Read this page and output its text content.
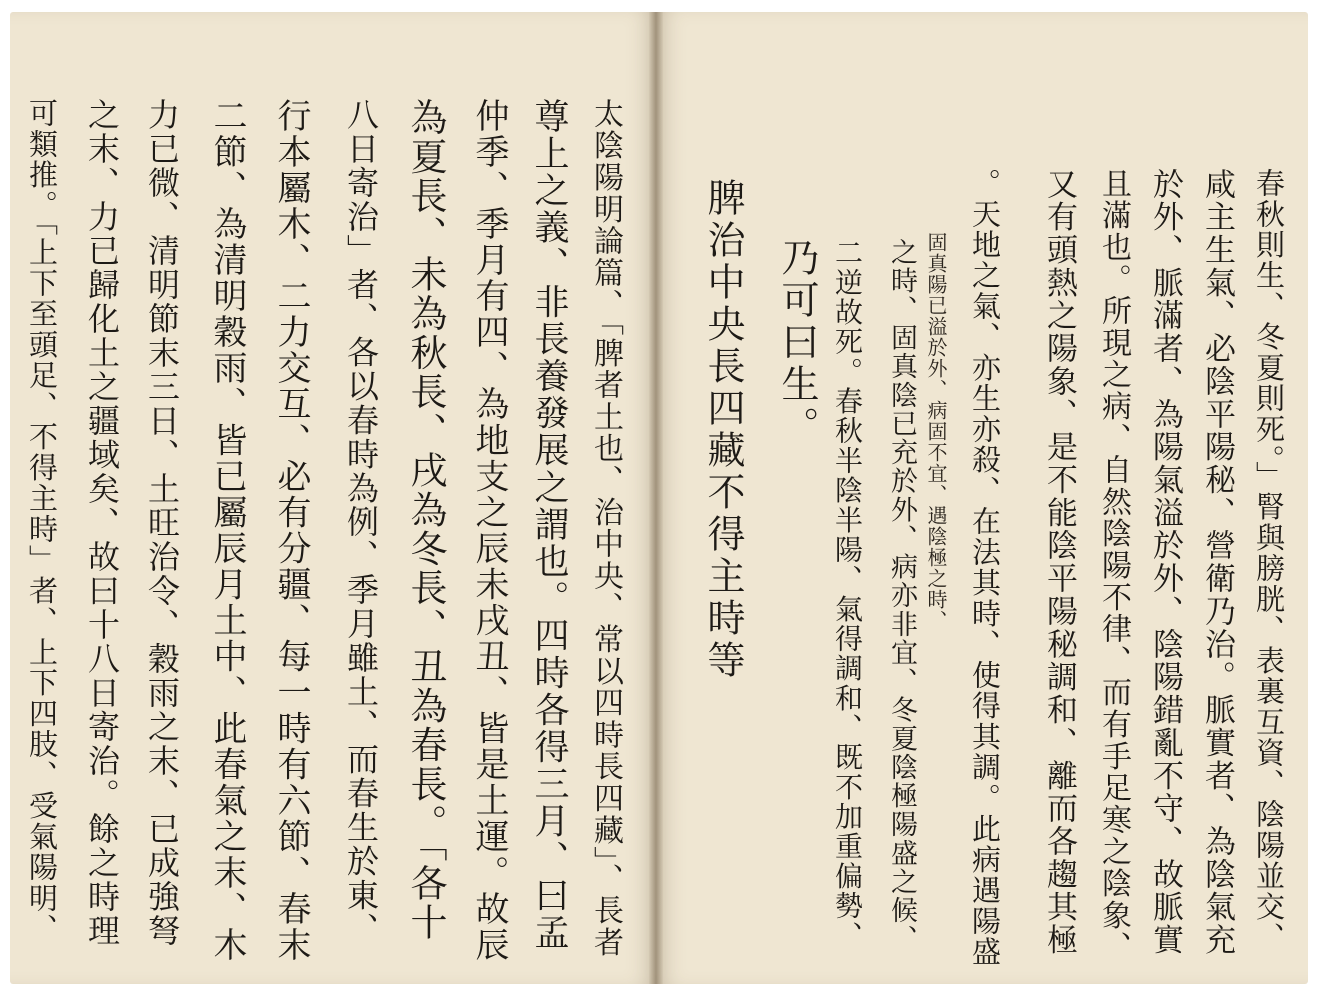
春秋則生、冬夏則死。」腎與膀胱、表裏互資、陰陽並交、
咸主生氣、必陰平陽秘、營衛乃治。脈實者、為陰氣充
於外、脈滿者、為陽氣溢於外、陰陽錯亂不守、故脈實
且滿也。所現之病、自然陰陽不律、而有手足寒之陰象、
又有頭熱之陽象、是不能陰平陽秘調和、離而各趨其極
。天地之氣、亦生亦殺、在法其時、使得其調。此病遇陽盛
固真陽已溢於外、病固不宜、遇陰極之時、
之時、固真陰已充於外、病亦非宜、冬夏陰極陽盛之候、
二逆故死。春秋半陰半陽、氣得調和、既不加重偏勢、
乃可曰生。
脾治中央長四藏不得主時等
太陰陽明論篇、「脾者土也、治中央、常以四時長四藏」、長者
尊上之義、非長養發展之謂也。四時各得三月、曰孟
仲季、季月有四、為地支之辰未戌丑、皆是土運。故辰
為夏長、未為秋長、戌為冬長、丑為春長。「各十
八日寄治」者、各以春時為例、季月雖土、而春生於東、
行本屬木、二力交互、必有分疆、每一時有六節、春末
二節、為清明穀雨、皆已屬辰月土中、此春氣之末、木
力已微、清明節末三日、土旺治令、穀雨之末、已成強弩
之末、力已歸化土之疆域矣、故曰十八日寄治。餘之時理
可類推。「上下至頭足、不得主時」者、上下四肢、受氣陽明、
